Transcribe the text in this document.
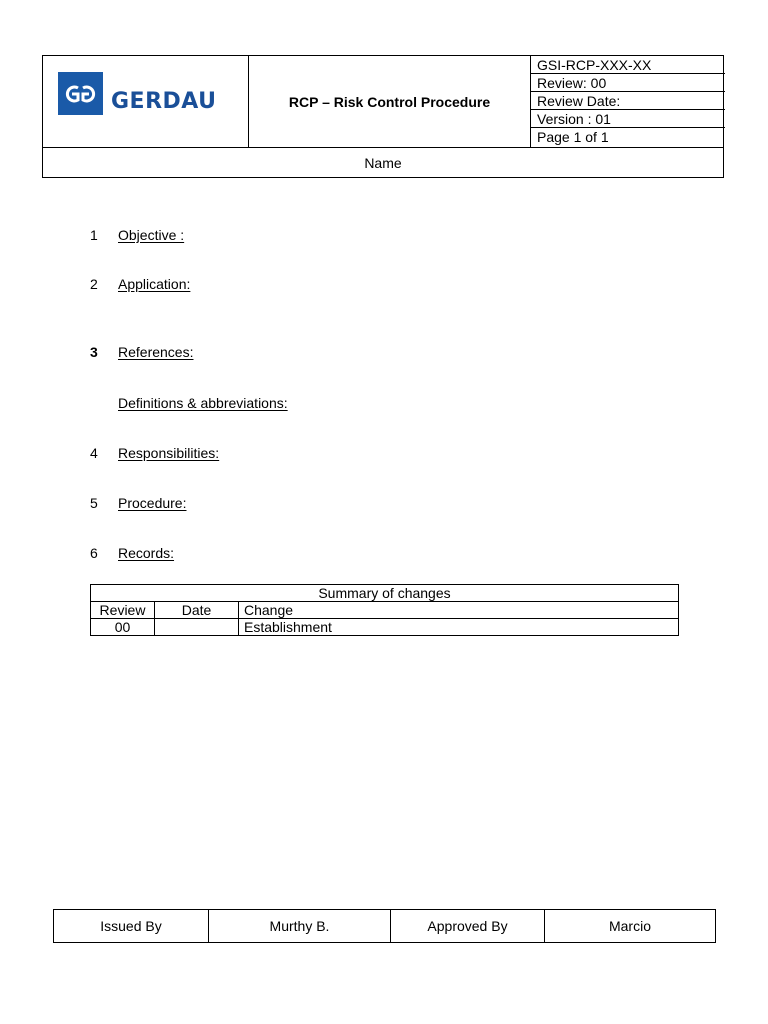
GERDAU	RCP – Risk Control Procedure
GSI-RCP-XXX-XX
Review: 00
Review Date:
Version : 01
Page 1 of 1
Name
1 Objective :
2 Application:
3 References:
Definitions & abbreviations:
4 Responsibilities:
5 Procedure:
6 Records:
Summary of changes		
Review	Date	Change
00		Establishment
Issued By	Murthy B.	Approved By	Marcio
